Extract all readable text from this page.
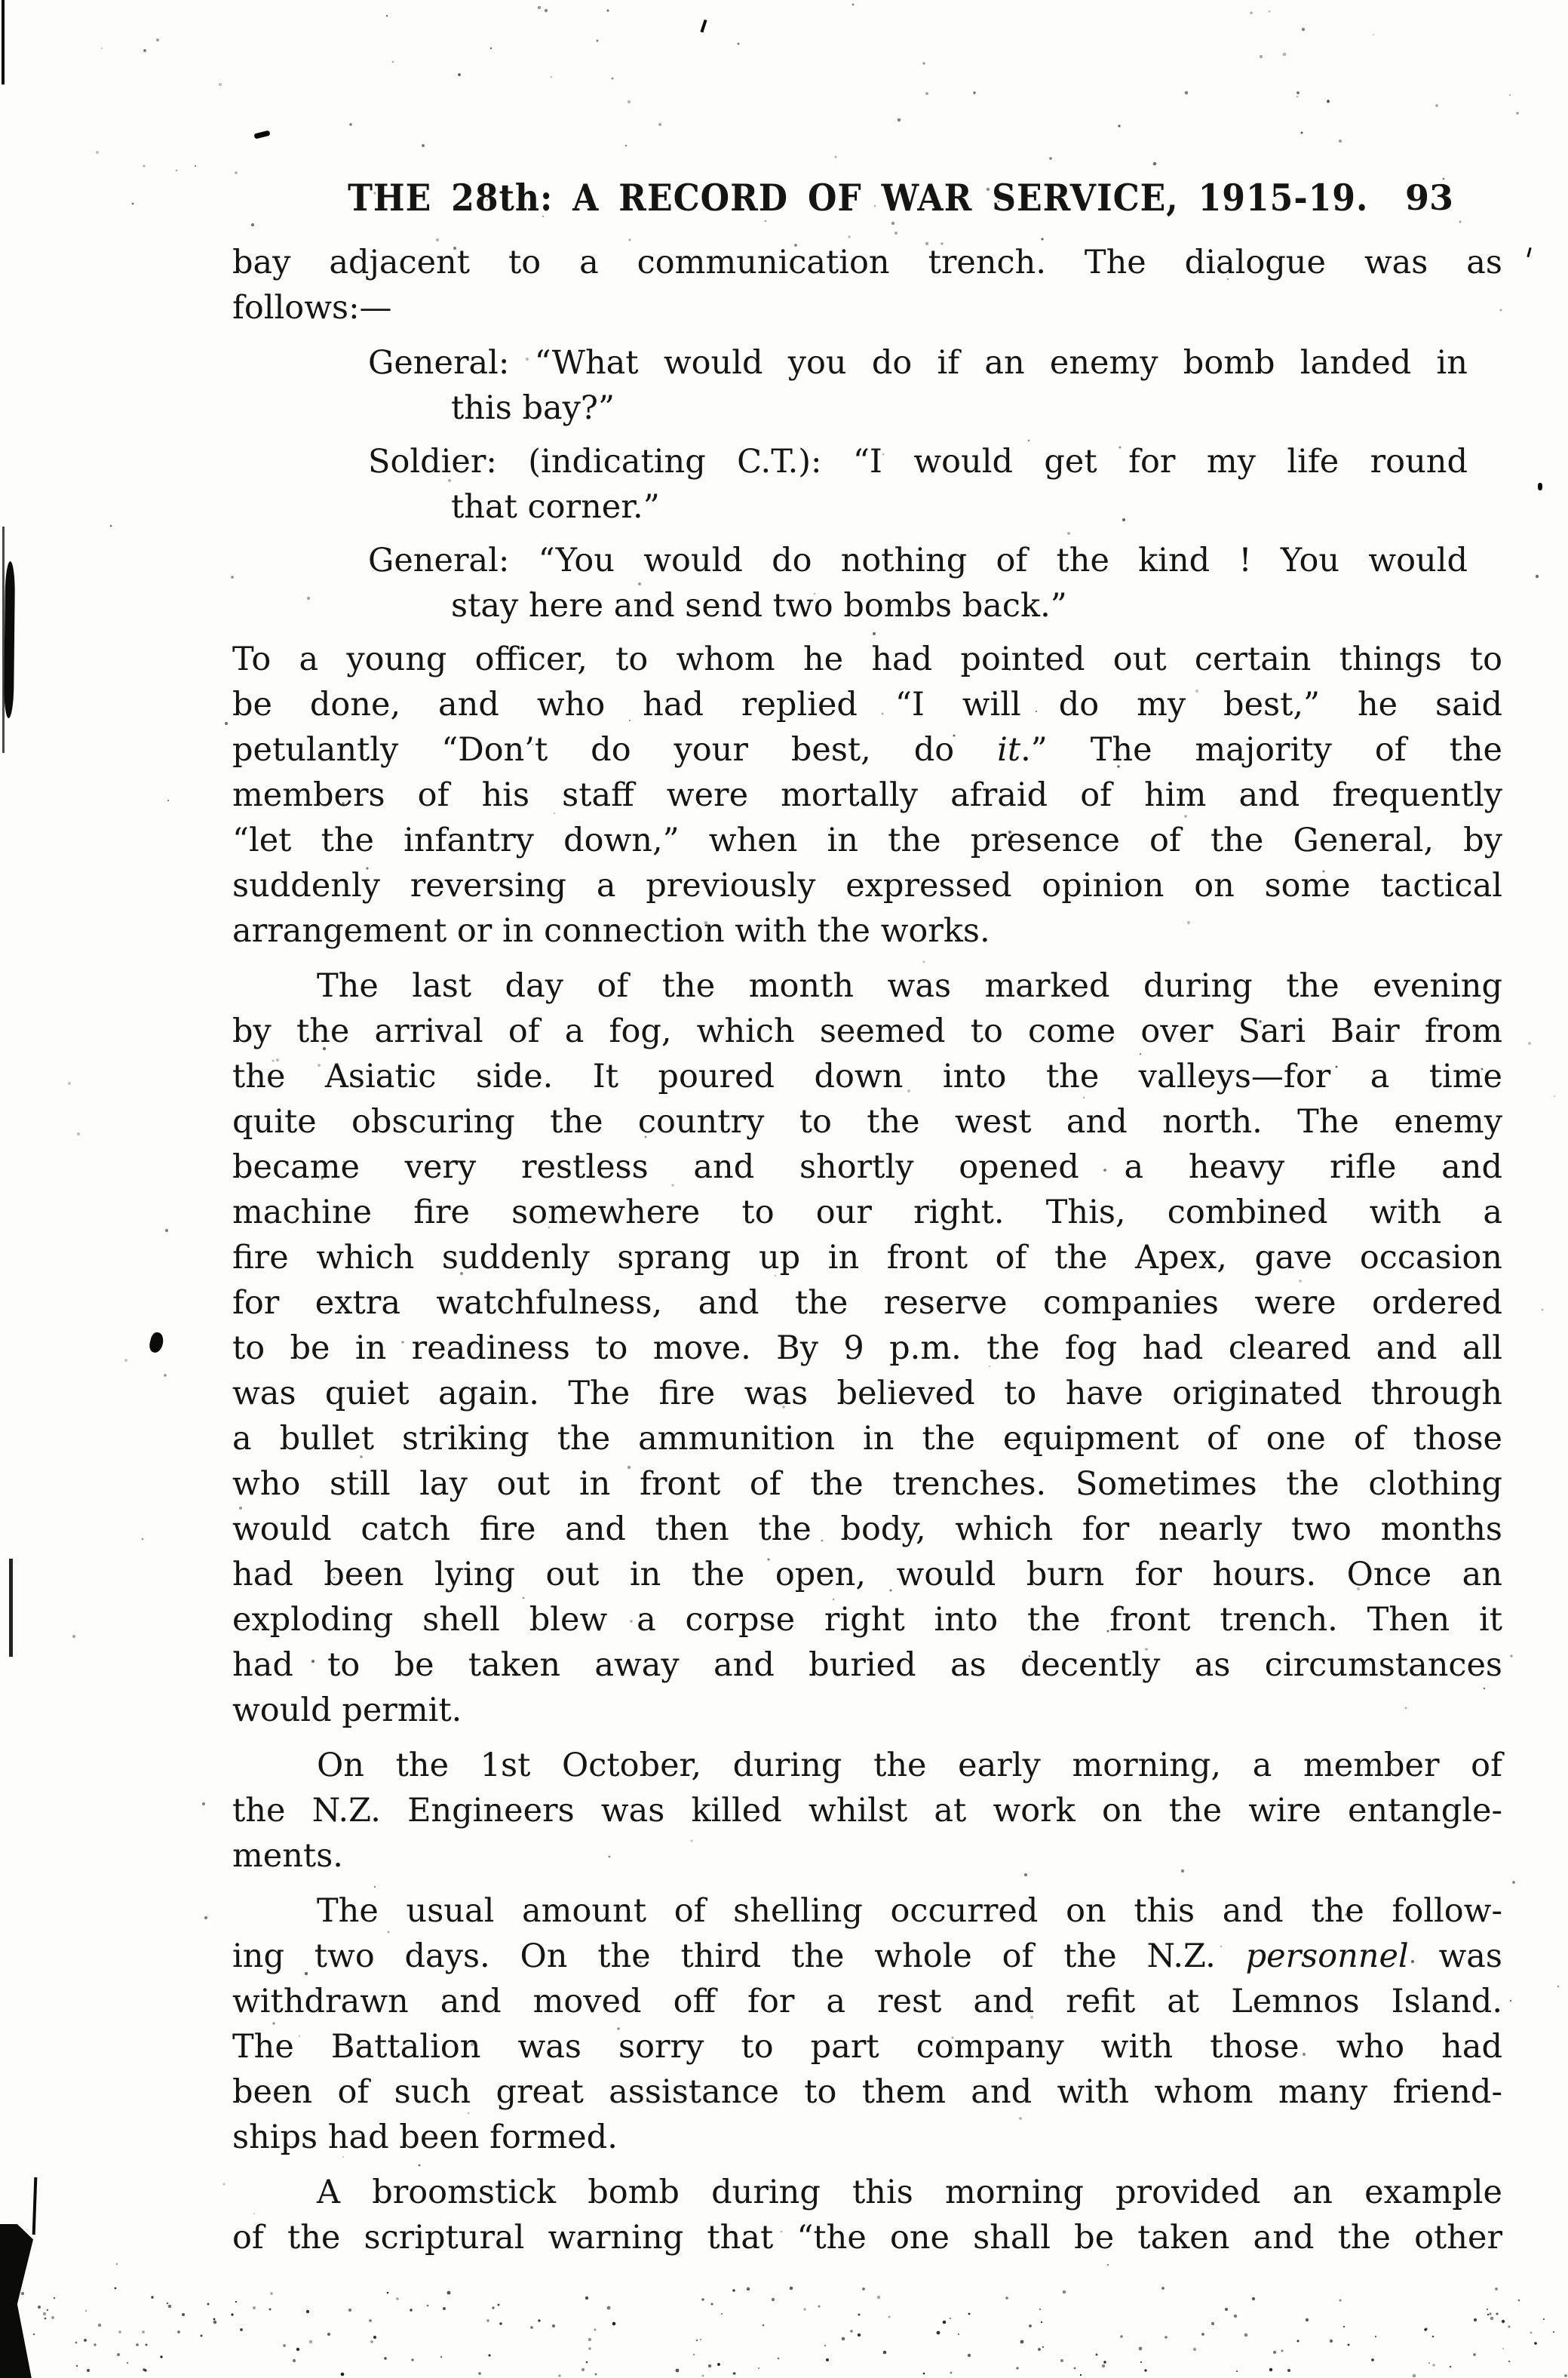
THE 28th: A RECORD OF WAR SERVICE, 1915-19. 93
bay adjacent to a communication trench. The dialogue was as
follows:—
General: “What would you do if an enemy bomb landed in
this bay?”
Soldier: (indicating C.T.): “I would get for my life round
that corner.”
General: “You would do nothing of the kind ! You would
stay here and send two bombs back.”
To a young officer, to whom he had pointed out certain things to
be done, and who had replied “I will do my best,” he said
petulantly “Don’t do your best, do it.” The majority of the
members of his staff were mortally afraid of him and frequently
“let the infantry down,” when in the presence of the General, by
suddenly reversing a previously expressed opinion on some tactical
arrangement or in connection with the works.
The last day of the month was marked during the evening
by the arrival of a fog, which seemed to come over Sari Bair from
the Asiatic side. It poured down into the valleys—for a time
quite obscuring the country to the west and north. The enemy
became very restless and shortly opened a heavy rifle and
machine fire somewhere to our right. This, combined with a
fire which suddenly sprang up in front of the Apex, gave occasion
for extra watchfulness, and the reserve companies were ordered
to be in readiness to move. By 9 p.m. the fog had cleared and all
was quiet again. The fire was believed to have originated through
a bullet striking the ammunition in the equipment of one of those
who still lay out in front of the trenches. Sometimes the clothing
would catch fire and then the body, which for nearly two months
had been lying out in the open, would burn for hours. Once an
exploding shell blew a corpse right into the front trench. Then it
had to be taken away and buried as decently as circumstances
would permit.
On the 1st October, during the early morning, a member of
the N.Z. Engineers was killed whilst at work on the wire entangle-
ments.
The usual amount of shelling occurred on this and the follow-
ing two days. On the third the whole of the N.Z. personnel was
withdrawn and moved off for a rest and refit at Lemnos Island.
The Battalion was sorry to part company with those who had
been of such great assistance to them and with whom many friend-
ships had been formed.
A broomstick bomb during this morning provided an example
of the scriptural warning that “the one shall be taken and the other
